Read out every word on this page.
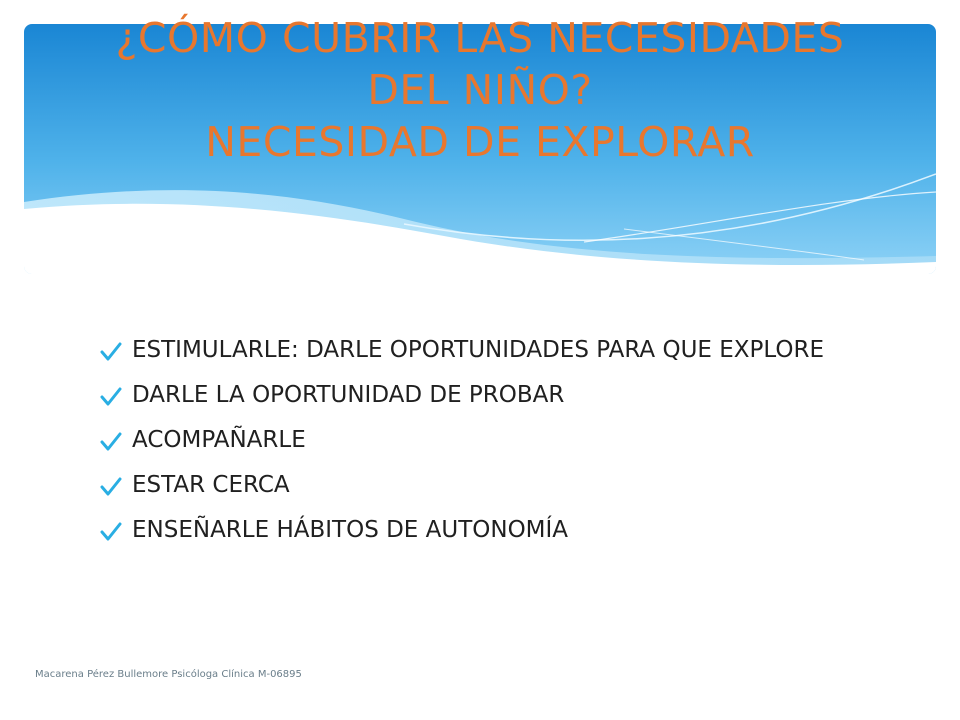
¿CÓMO CUBRIR LAS NECESIDADES
DEL NIÑO?
NECESIDAD DE EXPLORAR
ESTIMULARLE: DARLE OPORTUNIDADES PARA QUE EXPLORE
DARLE LA OPORTUNIDAD DE PROBAR
ACOMPAÑARLE
ESTAR CERCA
ENSEÑARLE HÁBITOS DE AUTONOMÍA
Macarena Pérez Bullemore Psicóloga Clínica M-06895
